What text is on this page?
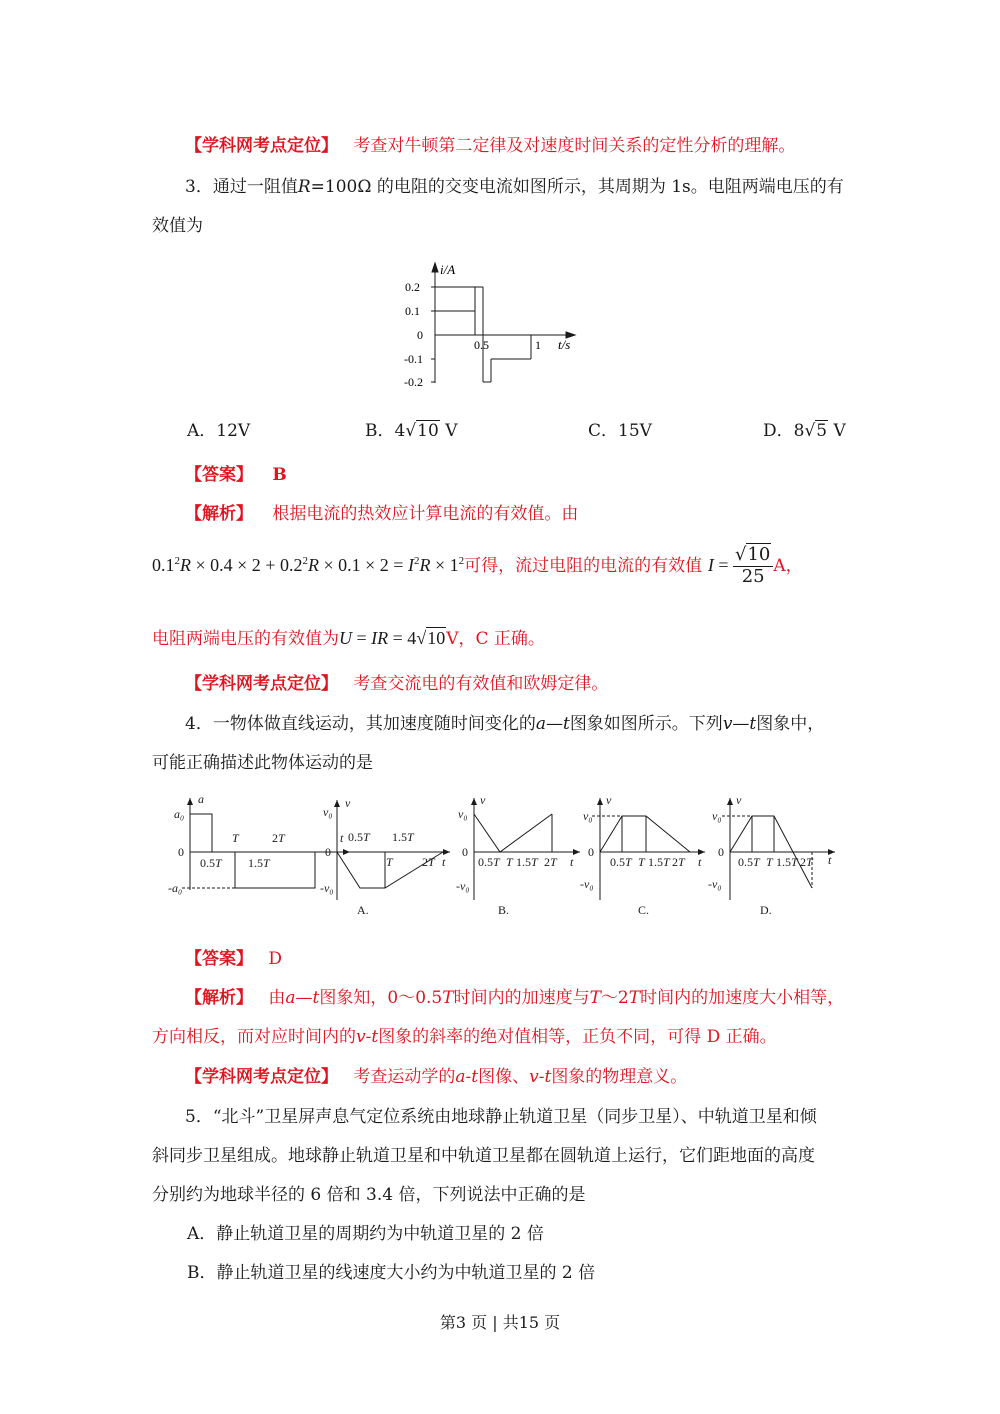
【学科网考点定位】 考查对牛顿第二定律及对速度时间关系的定性分析的理解。
3．通过一阻值R=100Ω 的电阻的交变电流如图所示，其周期为 1s。电阻两端电压的有
效值为
i/A
t/s
0.2
0.1
0
-0.1
-0.2
0.5	1
A．12V	B．4√10 V	C．15V	D．8√5 V
【答案】 B
【解析】 根据电流的热效应计算电流的有效值。由
$0.1^2R \times 0.4 \times 2 + 0.2^2R \times 0.1 \times 2 = I^2R \times 1^2$可得，流过电阻的电流的有效值 $I = \frac{√10}{25}$ A，
电阻两端电压的有效值为U = IR = 4√10V，C 正确。
【学科网考点定位】 考查交流电的有效值和欧姆定律。
4．一物体做直线运动，其加速度随时间变化的a—t图象如图所示。下列v—t图象中，
可能正确描述此物体运动的是
a
a₀
0
-a₀
0.5T
T
1.5T
2T	t
v
v₀
0
-v₀
0.5T 1.5T
T 2T t
A.
v
v₀
0
-v₀
0.5T T 1.5T 2T t
B.
v
v₀
0
-v₀
0.5T T 1.5T 2T t
C.
v
v₀
0
-v₀
0.5T T 1.5T 2T t
D.
【答案】 D
【解析】 由a—t图象知，0～0.5T时间内的加速度与T～2T时间内的加速度大小相等，
方向相反，而对应时间内的v-t图象的斜率的绝对值相等，正负不同，可得 D 正确。
【学科网考点定位】 考查运动学的a-t图像、v-t图象的物理意义。
5．“北斗”卫星屏声息气定位系统由地球静止轨道卫星（同步卫星）、中轨道卫星和倾
斜同步卫星组成。地球静止轨道卫星和中轨道卫星都在圆轨道上运行，它们距地面的高度
分别约为地球半径的 6 倍和 3.4 倍，下列说法中正确的是
A．静止轨道卫星的周期约为中轨道卫星的 2 倍
B．静止轨道卫星的线速度大小约为中轨道卫星的 2 倍
第3 页 | 共15 页
